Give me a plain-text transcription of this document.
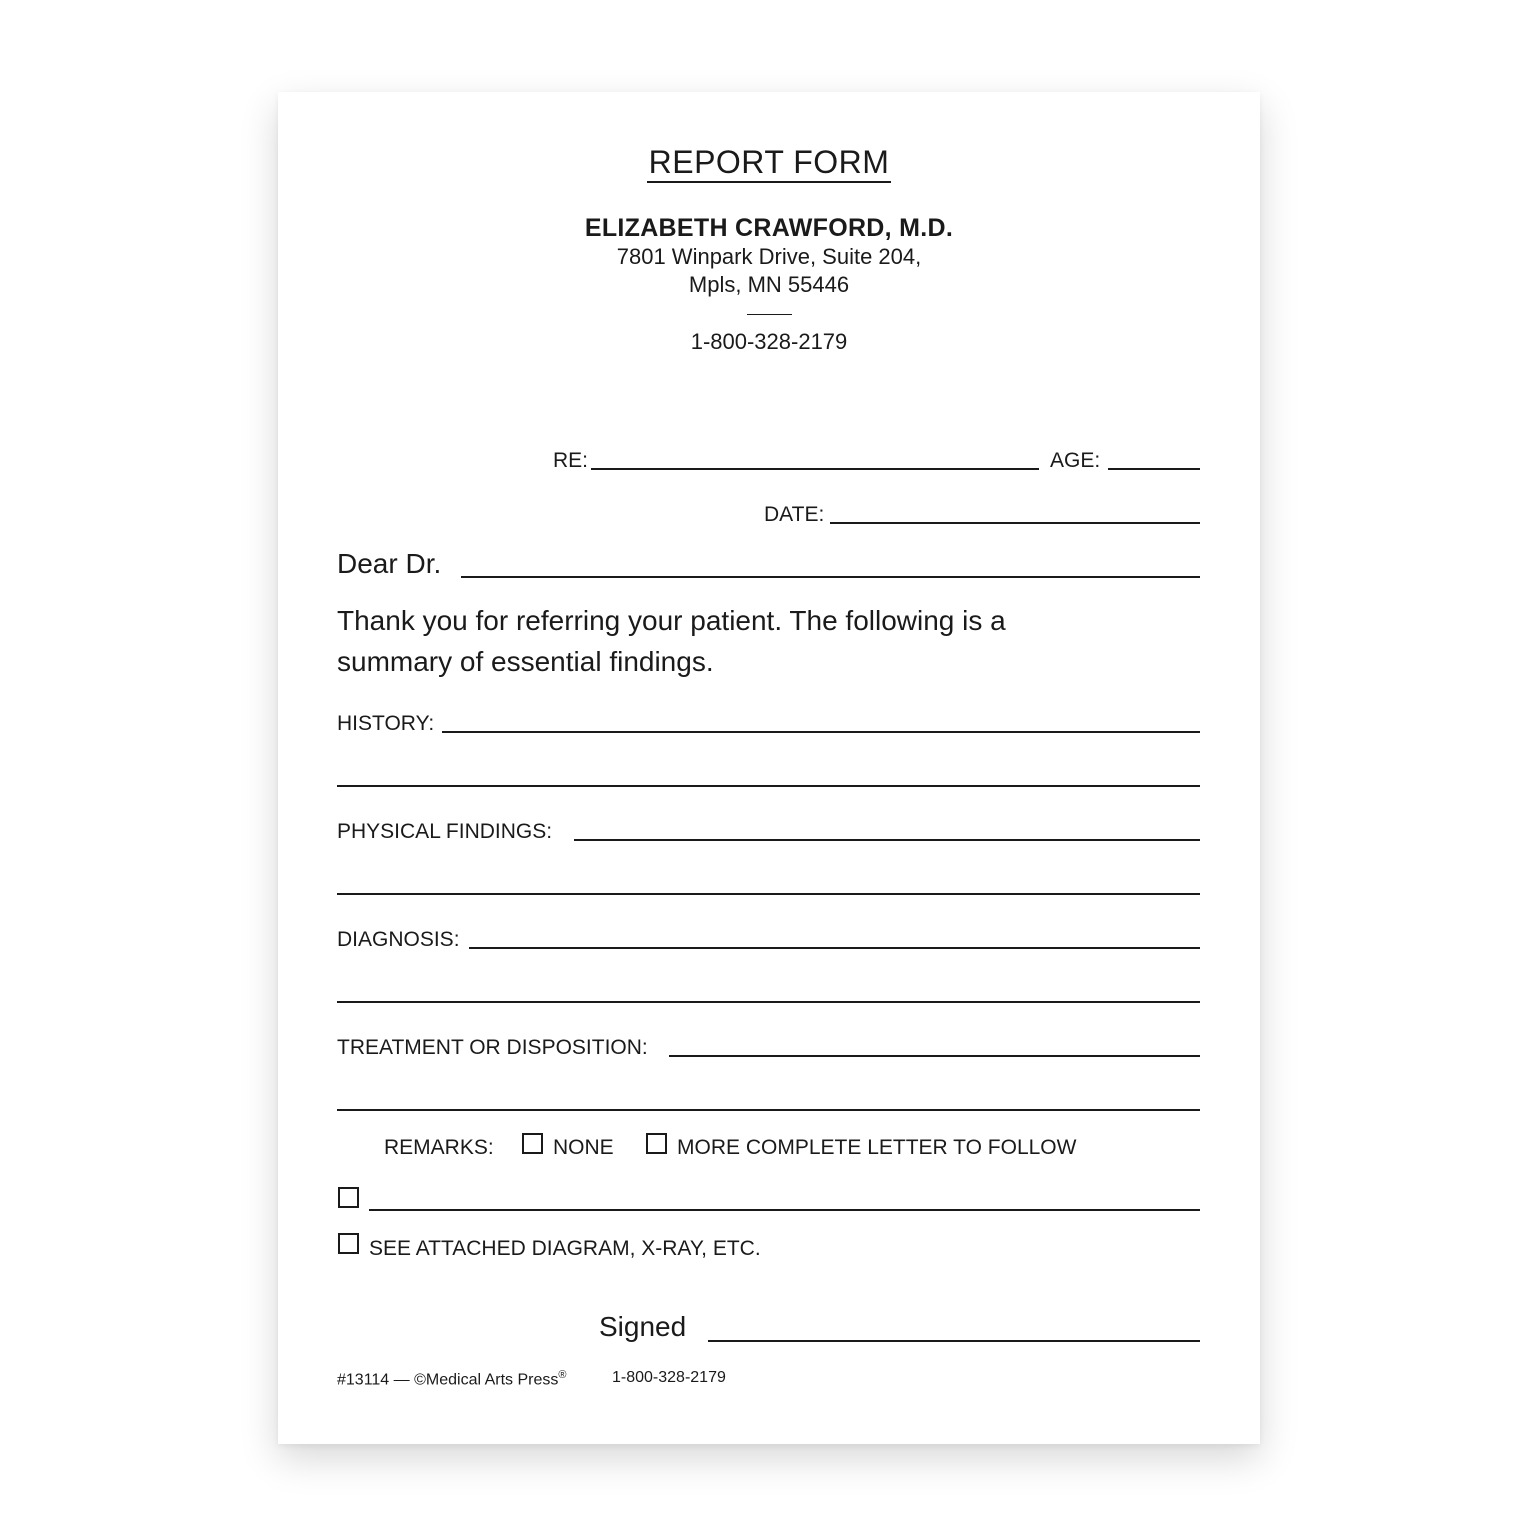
REPORT FORM
ELIZABETH CRAWFORD, M.D.
7801 Winpark Drive, Suite 204,
Mpls, MN 55446
1-800-328-2179
RE:	AGE:
DATE:
Dear Dr.
Thank you for referring your patient. The following is a
summary of essential findings.
HISTORY:
PHYSICAL FINDINGS:
DIAGNOSIS:
TREATMENT OR DISPOSITION:
REMARKS:	NONE	MORE COMPLETE LETTER TO FOLLOW
SEE ATTACHED DIAGRAM, X-RAY, ETC.
Signed
#13114 — ©Medical Arts Press®	1-800-328-2179
